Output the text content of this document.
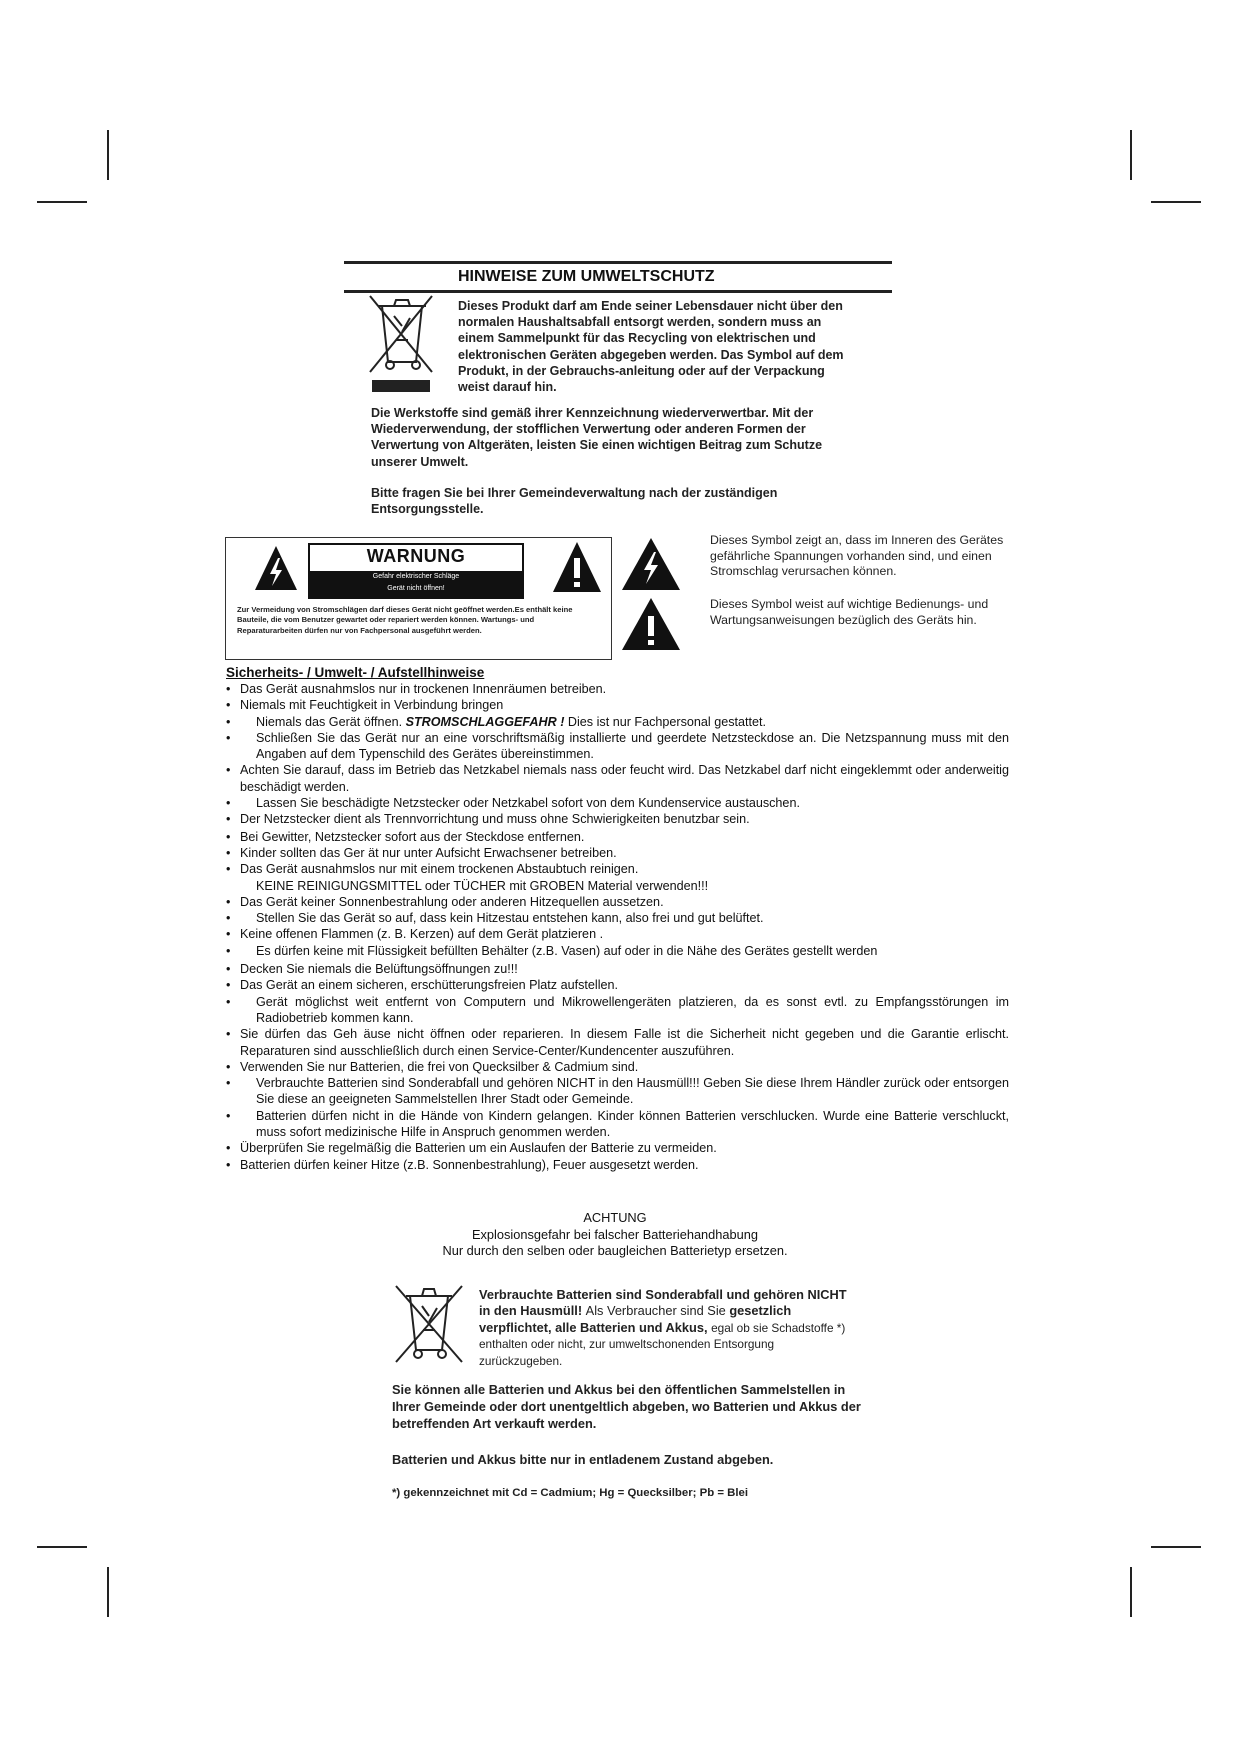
HINWEISE ZUM UMWELTSCHUTZ
Dieses Produkt darf am Ende seiner Lebensdauer nicht über den normalen Haushaltsabfall entsorgt werden, sondern muss an einem Sammelpunkt für das Recycling von elektrischen und elektronischen Geräten abgegeben werden. Das Symbol auf dem Produkt, in der Gebrauchs-anleitung oder auf der Verpackung weist darauf hin.
Die Werkstoffe sind gemäß ihrer Kennzeichnung wiederverwertbar. Mit der Wiederverwendung, der stofflichen Verwertung oder anderen Formen der Verwertung von Altgeräten, leisten Sie einen wichtigen Beitrag zum Schutze unserer Umwelt.
Bitte fragen Sie bei Ihrer Gemeindeverwaltung nach der zuständigen Entsorgungsstelle.
WARNUNG
Gefahr elektrischer Schläge
Gerät nicht öffnen!
Zur Vermeidung von Stromschlägen darf dieses Gerät nicht geöffnet werden.Es enthält keine Bauteile, die vom Benutzer gewartet oder repariert werden können. Wartungs- und Reparaturarbeiten dürfen nur von Fachpersonal ausgeführt werden.
Dieses Symbol zeigt an, dass im Inneren des Gerätes gefährliche Spannungen vorhanden sind, und einen Stromschlag verursachen können.
Dieses Symbol weist auf wichtige Bedienungs- und Wartungsanweisungen bezüglich des Geräts hin.
Sicherheits- / Umwelt- / Aufstellhinweise

• Das Gerät ausnahmslos nur in trockenen Innenräumen betreiben.

• Niemals mit Feuchtigkeit in Verbindung bringen

• Niemals das Gerät öffnen. STROMSCHLAGGEFAHR ! Dies ist nur Fachpersonal gestattet.

• Schließen Sie das Gerät nur an eine vorschriftsmäßig installierte und geerdete Netzsteckdose an. Die Netzspannung muss mit den Angaben auf dem Typenschild des Gerätes übereinstimmen.

• Achten Sie darauf, dass im Betrieb das Netzkabel niemals nass oder feucht wird. Das Netzkabel darf nicht eingeklemmt oder anderweitig beschädigt werden.

• Lassen Sie beschädigte Netzstecker oder Netzkabel sofort von dem Kundenservice austauschen.

• Der Netzstecker dient als Trennvorrichtung und muss ohne Schwierigkeiten benutzbar sein.

• Bei Gewitter, Netzstecker sofort aus der Steckdose entfernen.

• Kinder sollten das Ger ät nur unter Aufsicht Erwachsener betreiben.

• Das Gerät ausnahmslos nur mit einem trockenen Abstaubtuch reinigen.

KEINE REINIGUNGSMITTEL oder TÜCHER mit GROBEN Material verwenden!!!

• Das Gerät keiner Sonnenbestrahlung oder anderen Hitzequellen aussetzen.

• Stellen Sie das Gerät so auf, dass kein Hitzestau entstehen kann, also frei und gut belüftet.

• Keine offenen Flammen (z. B. Kerzen) auf dem Gerät platzieren .

• Es dürfen keine mit Flüssigkeit befüllten Behälter (z.B. Vasen) auf oder in die Nähe des Gerätes gestellt werden

• Decken Sie niemals die Belüftungsöffnungen zu!!!

• Das Gerät an einem sicheren, erschütterungsfreien Platz aufstellen.

• Gerät möglichst weit entfernt von Computern und Mikrowellengeräten platzieren, da es sonst evtl. zu Empfangsstörungen im Radiobetrieb kommen kann.

• Sie dürfen das Geh äuse nicht öffnen oder reparieren. In diesem Falle ist die Sicherheit nicht gegeben und die Garantie erlischt. Reparaturen sind ausschließlich durch einen Service-Center/Kundencenter auszuführen.

• Verwenden Sie nur Batterien, die frei von Quecksilber & Cadmium sind.

• Verbrauchte Batterien sind Sonderabfall und gehören NICHT in den Hausmüll!!! Geben Sie diese Ihrem Händler zurück oder entsorgen Sie diese an geeigneten Sammelstellen Ihrer Stadt oder Gemeinde.

• Batterien dürfen nicht in die Hände von Kindern gelangen. Kinder können Batterien verschlucken. Wurde eine Batterie verschluckt, muss sofort medizinische Hilfe in Anspruch genommen werden.

• Überprüfen Sie regelmäßig die Batterien um ein Auslaufen der Batterie zu vermeiden.

• Batterien dürfen keiner Hitze (z.B. Sonnenbestrahlung), Feuer ausgesetzt werden.

ACHTUNG
Explosionsgefahr bei falscher Batteriehandhabung
Nur durch den selben oder baugleichen Batterietyp ersetzen.
Verbrauchte Batterien sind Sonderabfall und gehören NICHT in den Hausmüll! Als Verbraucher sind Sie gesetzlich verpflichtet, alle Batterien und Akkus, egal ob sie Schadstoffe *) enthalten oder nicht, zur umweltschonenden Entsorgung zurückzugeben.
Sie können alle Batterien und Akkus bei den öffentlichen Sammelstellen in Ihrer Gemeinde oder dort unentgeltlich abgeben, wo Batterien und Akkus der betreffenden Art verkauft werden.
Batterien und Akkus bitte nur in entladenem Zustand abgeben.
*) gekennzeichnet mit Cd = Cadmium; Hg = Quecksilber; Pb = Blei
